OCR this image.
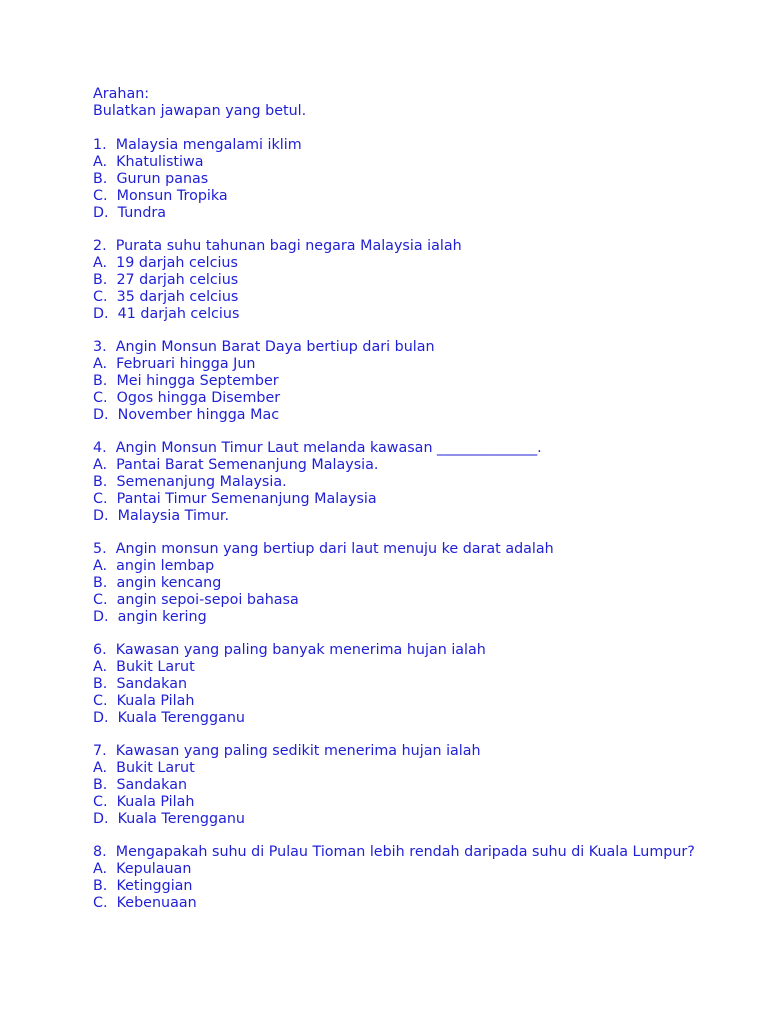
Arahan:
Bulatkan jawapan yang betul.
1.  Malaysia mengalami iklim
A.  Khatulistiwa
B.  Gurun panas
C.  Monsun Tropika
D.  Tundra
2.  Purata suhu tahunan bagi negara Malaysia ialah
A.  19 darjah celcius
B.  27 darjah celcius
C.  35 darjah celcius
D.  41 darjah celcius
3.  Angin Monsun Barat Daya bertiup dari bulan
A.  Februari hingga Jun
B.  Mei hingga September
C.  Ogos hingga Disember
D.  November hingga Mac
4.  Angin Monsun Timur Laut melanda kawasan ______________.
A.  Pantai Barat Semenanjung Malaysia.
B.  Semenanjung Malaysia.
C.  Pantai Timur Semenanjung Malaysia
D.  Malaysia Timur.
5.  Angin monsun yang bertiup dari laut menuju ke darat adalah
A.  angin lembap
B.  angin kencang
C.  angin sepoi-sepoi bahasa
D.  angin kering
6.  Kawasan yang paling banyak menerima hujan ialah
A.  Bukit Larut
B.  Sandakan
C.  Kuala Pilah
D.  Kuala Terengganu
7.  Kawasan yang paling sedikit menerima hujan ialah
A.  Bukit Larut
B.  Sandakan
C.  Kuala Pilah
D.  Kuala Terengganu
8.  Mengapakah suhu di Pulau Tioman lebih rendah daripada suhu di Kuala Lumpur?
A.  Kepulauan
B.  Ketinggian
C.  Kebenuaan
